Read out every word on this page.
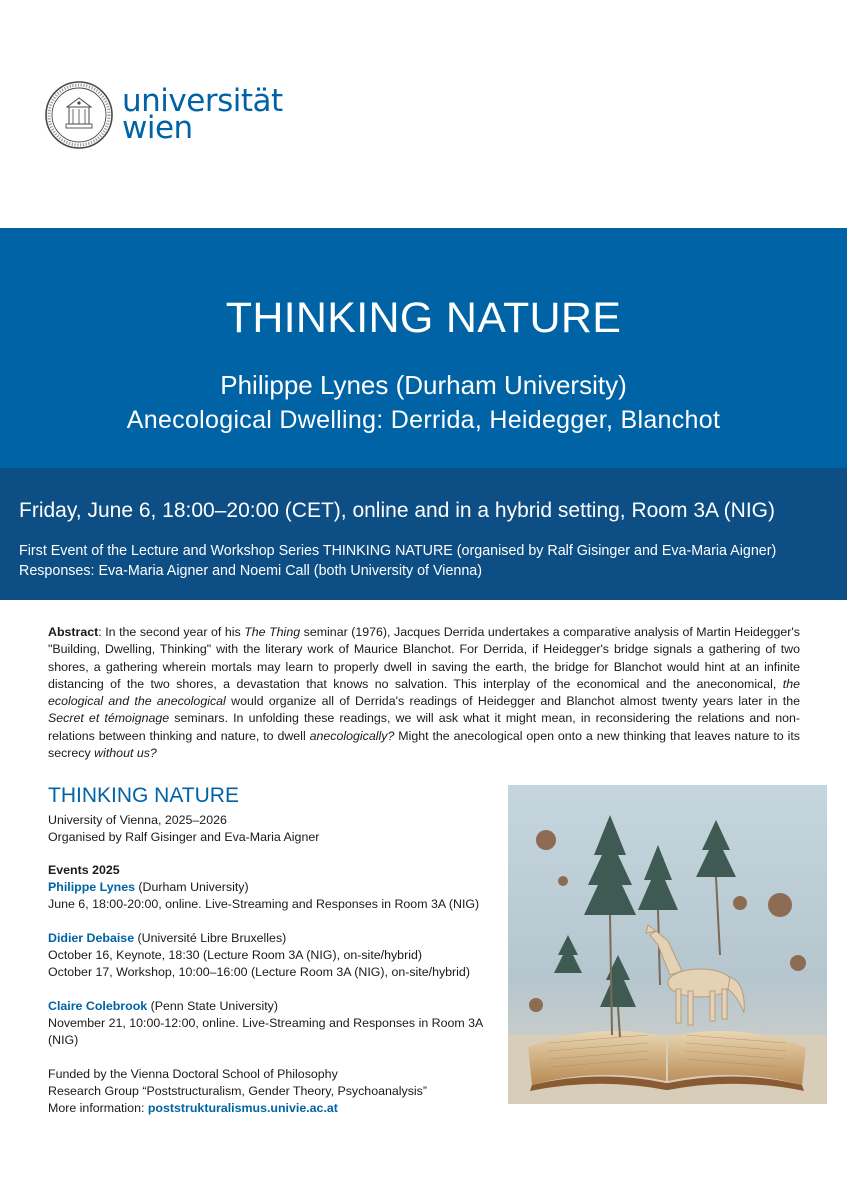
universität
wien
THINKING NATURE
Philippe Lynes (Durham University)
Anecological Dwelling: Derrida, Heidegger, Blanchot
Friday, June 6, 18:00–20:00 (CET), online and in a hybrid setting, Room 3A (NIG)
First Event of the Lecture and Workshop Series THINKING NATURE (organised by Ralf Gisinger and Eva-Maria Aigner)
Responses: Eva-Maria Aigner and Noemi Call (both University of Vienna)
Abstract: In the second year of his The Thing seminar (1976), Jacques Derrida undertakes a comparative analysis of Martin Heidegger's "Building, Dwelling, Thinking" with the literary work of Maurice Blanchot. For Derrida, if Heidegger's bridge signals a gathering of two shores, a gathering wherein mortals may learn to properly dwell in saving the earth, the bridge for Blanchot would hint at an infinite distancing of the two shores, a devastation that knows no salvation. This interplay of the economical and the aneconomical, the ecological and the anecological would organize all of Derrida's readings of Heidegger and Blanchot almost twenty years later in the Secret et témoignage seminars. In unfolding these readings, we will ask what it might mean, in reconsidering the relations and non-relations between thinking and nature, to dwell anecologically? Might the anecological open onto a new thinking that leaves nature to its secrecy without us?
THINKING NATURE
University of Vienna, 2025–2026
Organised by Ralf Gisinger and Eva-Maria Aigner
Events 2025
Philippe Lynes (Durham University)
June 6, 18:00-20:00, online. Live-Streaming and Responses in Room 3A (NIG)
Didier Debaise (Université Libre Bruxelles)
October 16, Keynote, 18:30 (Lecture Room 3A (NIG), on-site/hybrid)
October 17, Workshop, 10:00–16:00 (Lecture Room 3A (NIG), on-site/hybrid)
Claire Colebrook (Penn State University)
November 21, 10:00-12:00, online. Live-Streaming and Responses in Room 3A (NIG)
Funded by the Vienna Doctoral School of Philosophy
Research Group “Poststructuralism, Gender Theory, Psychoanalysis”
More information: poststrukturalismus.univie.ac.at
